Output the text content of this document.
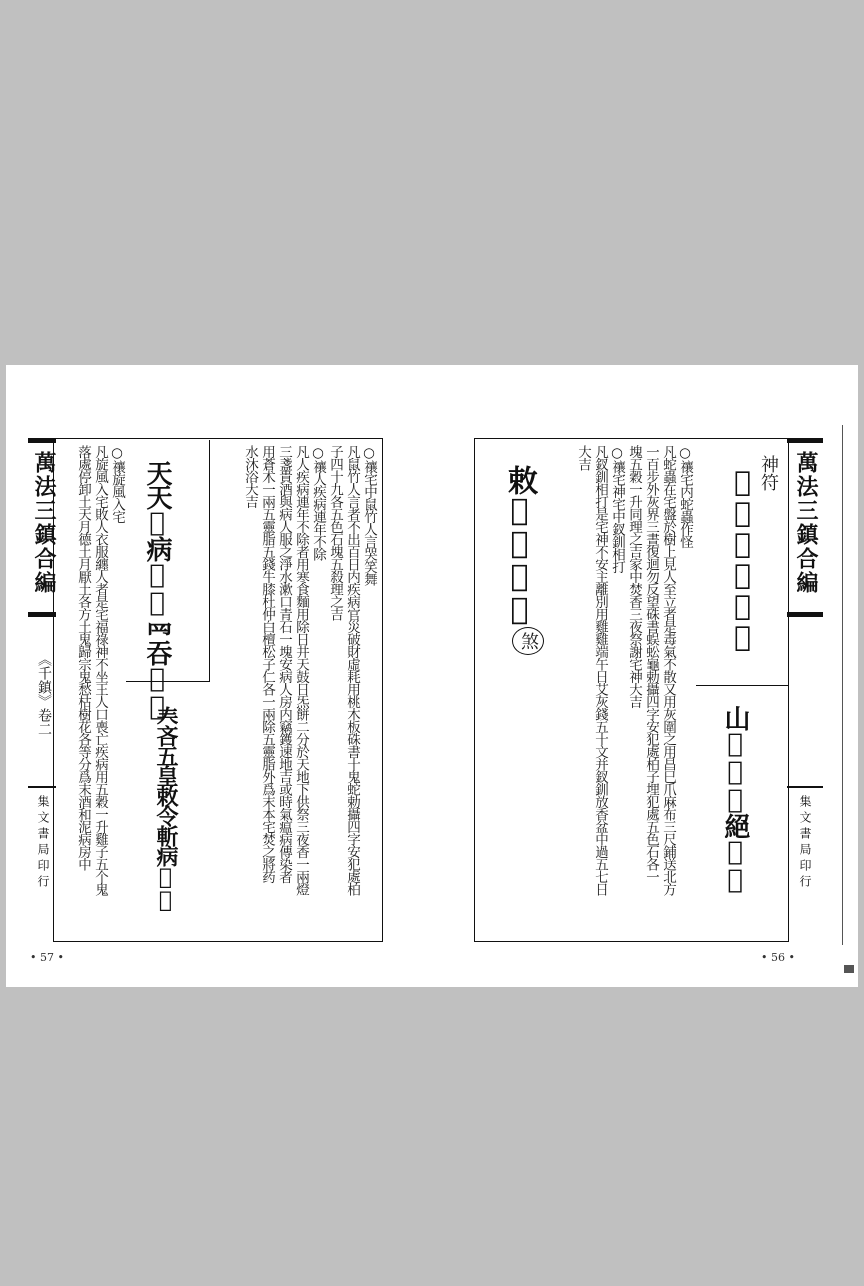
萬法三鎮合編
《千鎮》卷二
集文書局印行
• 57 •
○禳宅中鼠竹人言哭笑舞
凡鼠竹人言者不出百日内疾病官災破財虛耗用桃木板硃書十鬼蛇勅攝四字安犯處柏
子四十九各五色石塊五殺理之吉
○禳人疾病連年不除
凡人疾病連年不除者用寒食麵用除日井天鼓日炁餅二分於天地下供祭三夜香一兩燈
三盞貴酒與病人服之淨水漱口青石一塊安病人房内竊鑊速地吉或時氣瘟病傳染者
用蒼术一兩五靈脂五錢牛膝杜仲白檀松子仁各一兩除五靈脂外爲末本宅焚之將药
水沐浴大吉
天天𫝀病𦚢𡭈𦉰吞𫝀𪑻
𡗗吝五皇敕令斬病𫝀𫝀
○禳旋風入宅
凡旋風入宅敗人衣服纏人者是宅福祿神不坐王人口喪亡疾病用五穀一升雞子五个鬼
落處停卸土天月德土月厭土各方土鬼歸宗鬼愁枯樹花各等分爲末酒和泥病房中	萬法三鎮合編
集文書局印行
• 56 •
神符
𫝀敕𡗗𫝀𪑻𫝀
山𫝀𫝀𫝀絕𫝀𫝀
○禳宅内蛇蟲作怪
凡蛇蟲在宅盤於樹上見人至立者是毒氣不散又用灰圍之用昌巳爪麻布三尺鋪送北方
一百步外灰界三晝復迴勿反望硃書蜈蚣龜勅攝四字安犯處柏子埋犯處五色石各一
塊五穀一升同理之吉家中焚香三夜祭謝宅神大吉
○禳宅神宅中釵釧相打
凡釵釧相打是宅神不安主離別用雞雞端午日艾灰錢五十文并釵釧放香盆中過五七日
大吉
敕𫝀𫝀𫝀𫝀
煞
